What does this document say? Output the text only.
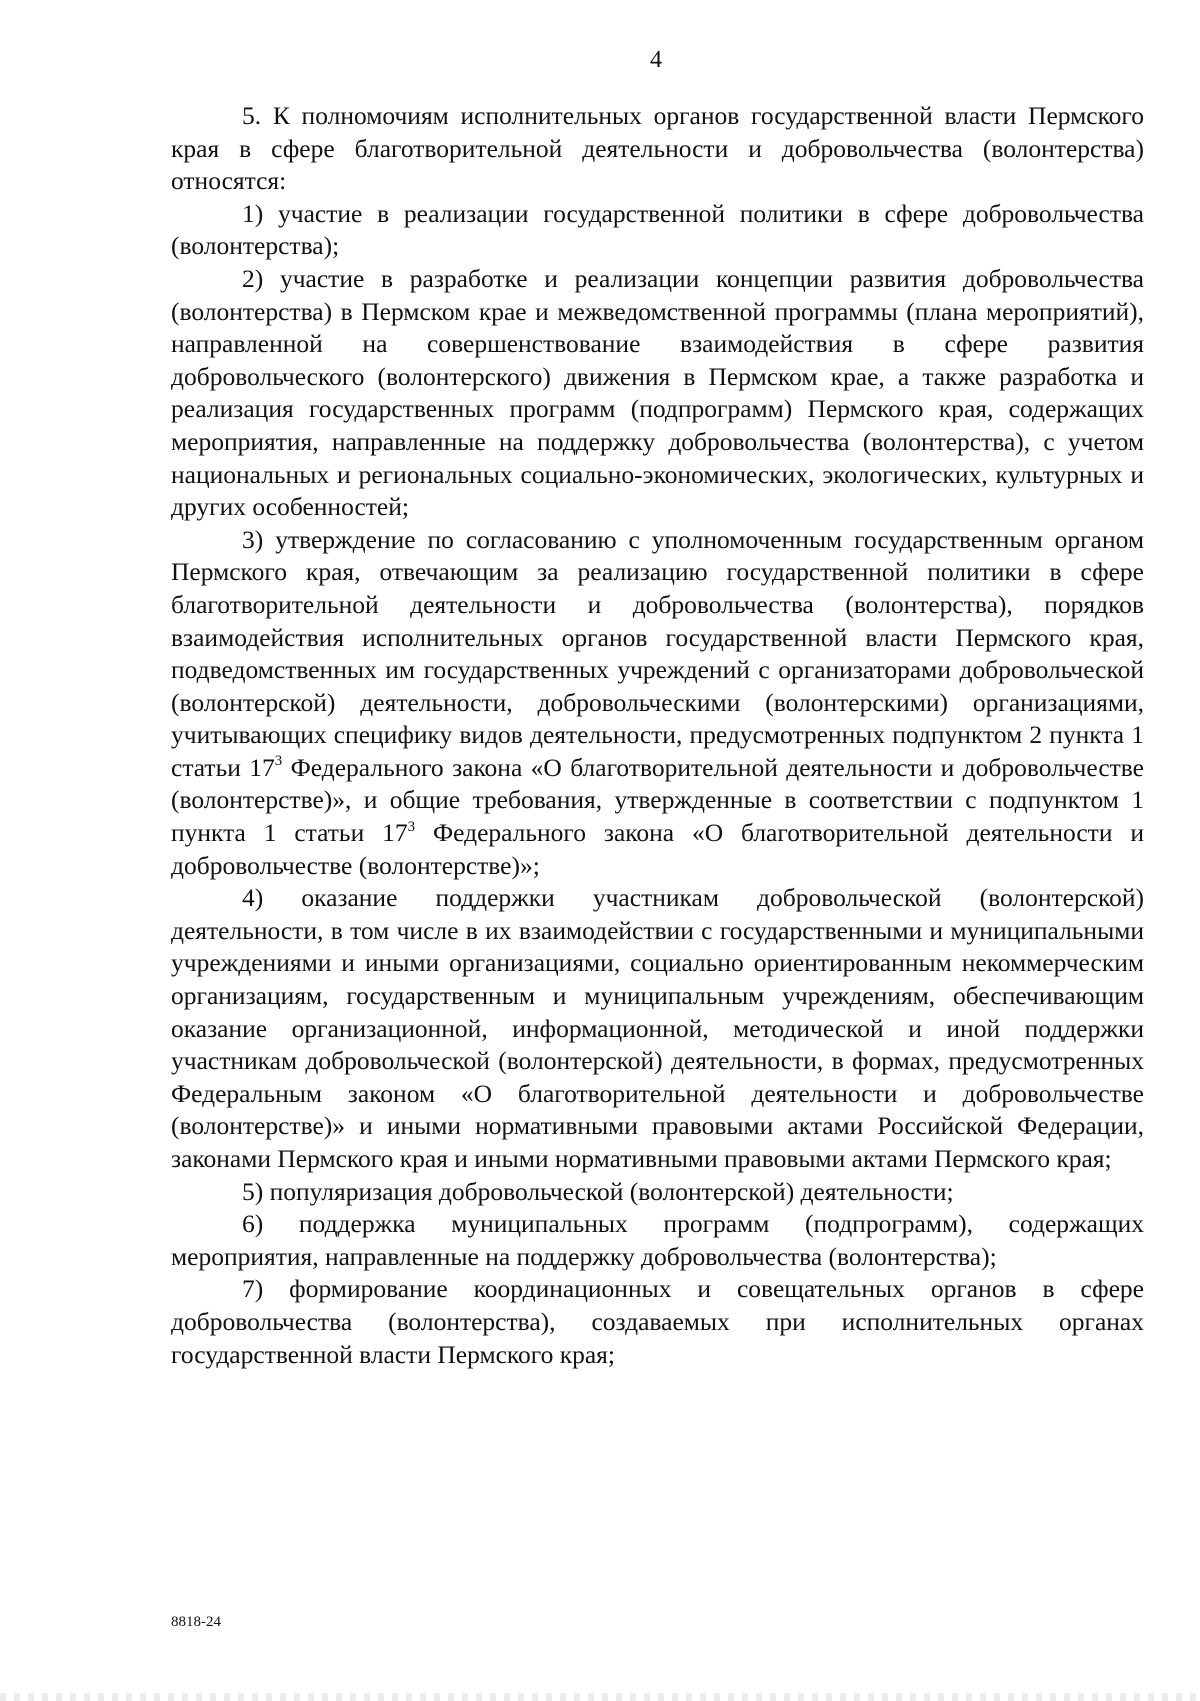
4

5. К полномочиям исполнительных органов государственной власти Пермского края в сфере благотворительной деятельности и добровольчества (волонтерства) относятся:

1) участие в реализации государственной политики в сфере добровольчества (волонтерства);

2) участие в разработке и реализации концепции развития добровольчества (волонтерства) в Пермском крае и межведомственной программы (плана мероприятий), направленной на совершенствование взаимодействия в сфере развития добровольческого (волонтерского) движения в Пермском крае, а также разработка и реализация государственных программ (подпрограмм) Пермского края, содержащих мероприятия, направленные на поддержку добровольчества (волонтерства), с учетом национальных и региональных социально-экономических, экологических, культурных и других особенностей;

3) утверждение по согласованию с уполномоченным государственным органом Пермского края, отвечающим за реализацию государственной политики в сфере благотворительной деятельности и добровольчества (волонтерства), порядков взаимодействия исполнительных органов государственной власти Пермского края, подведомственных им государственных учреждений с организаторами добровольческой (волонтерской) деятельности, добровольческими (волонтерскими) организациями, учитывающих специфику видов деятельности, предусмотренных подпунктом 2 пункта 1 статьи $17^3$ Федерального закона «О благотворительной деятельности и добровольчестве (волонтерстве)», и общие требования, утвержденные в соответствии с подпунктом 1 пункта 1 статьи $17^3$ Федерального закона «О благотворительной деятельности и добровольчестве (волонтерстве)»;

4) оказание поддержки участникам добровольческой (волонтерской) деятельности, в том числе в их взаимодействии с государственными и муниципальными учреждениями и иными организациями, социально ориентированным некоммерческим организациям, государственным и муниципальным учреждениям, обеспечивающим оказание организационной, информационной, методической и иной поддержки участникам добровольческой (волонтерской) деятельности, в формах, предусмотренных Федеральным законом «О благотворительной деятельности и добровольчестве (волонтерстве)» и иными нормативными правовыми актами Российской Федерации, законами Пермского края и иными нормативными правовыми актами Пермского края;

5) популяризация добровольческой (волонтерской) деятельности;

6) поддержка муниципальных программ (подпрограмм), содержащих мероприятия, направленные на поддержку добровольчества (волонтерства);

7) формирование координационных и совещательных органов в сфере добровольчества (волонтерства), создаваемых при исполнительных органах государственной власти Пермского края;

8818-24
